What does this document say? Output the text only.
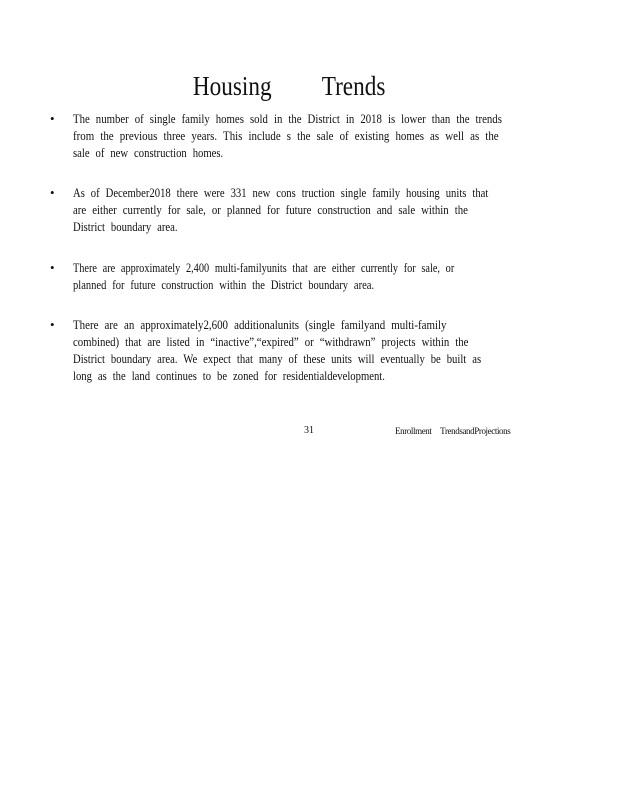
Housing Trends
• The number of single family homes sold in the District in 2018 is lower than the trends
from the previous three years. This include s the sale of existing homes as well as the
sale of new construction homes.
• As of December2018 there were 331 new cons truction single family housing units that
are either currently for sale, or planned for future construction and sale within the
District boundary area.
• There are approximately 2,400 multi-familyunits that are either currently for sale, or
planned for future construction within the District boundary area.
• There are an approximately2,600 additionalunits (single familyand multi-family
combined) that are listed in “inactive”,“expired” or “withdrawn” projects within the
District boundary area. We expect that many of these units will eventually be built as
long as the land continues to be zoned for residentialdevelopment.
31	Enrollment TrendsandProjections
